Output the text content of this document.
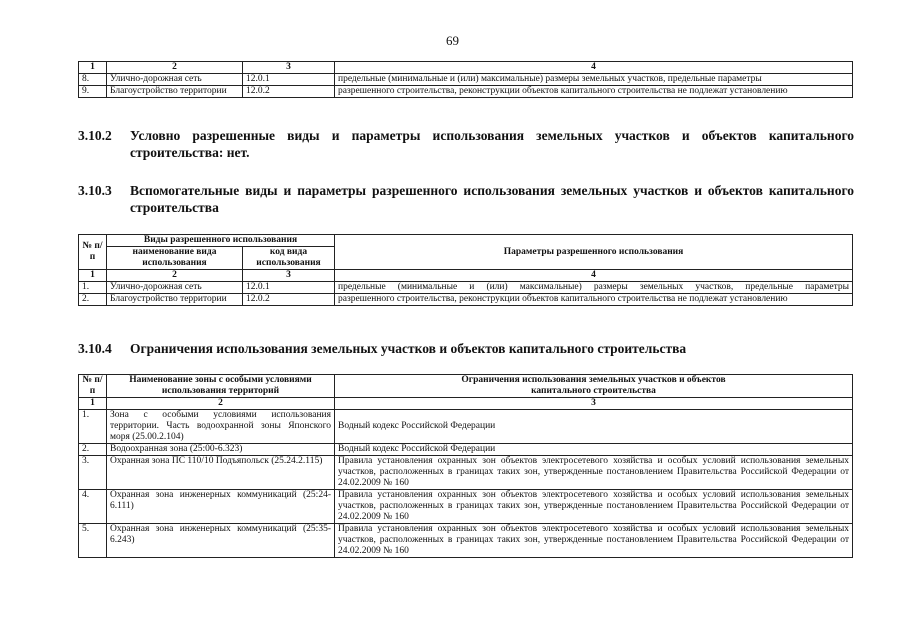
69
1	2	3	4
8.	Улично-дорожная сеть	12.0.1	предельные (минимальные и (или) максимальные) размеры земельных участков, предельные параметры
9.	Благоустройство территории	12.0.2	разрешенного строительства, реконструкции объектов капитального строительства не подлежат установлению
3.10.2 Условно разрешенные виды и параметры использования земельных участков и объектов капитального строительства: нет.
3.10.3 Вспомогательные виды и параметры разрешенного использования земельных участков и объектов капитального строительства
№ п/п	Виды разрешенного использования		Параметры разрешенного использования
	наименование вида использования	код вида использования	
1	2	3	4
1.	Улично-дорожная сеть	12.0.1	предельные (минимальные и (или) максимальные) размеры земельных участков, предельные параметры

2.	Благоустройство территории	12.0.2	разрешенного строительства, реконструкции объектов капитального строительства не подлежат установлению
3.10.4 Ограничения использования земельных участков и объектов капитального строительства
№ п/п	Наименование зоны с особыми условиями использования территорий	Ограничения использования земельных участков и объектов капитального строительства
1	2	3
1.	Зона с особыми условиями использования территории. Часть водоохранной зоны Японского моря (25.00.2.104)	Водный кодекс Российской Федерации
2.	Водоохранная зона (25:00-6.323)	Водный кодекс Российской Федерации
3.	Охранная зона ПС 110/10 Подъяпольск (25.24.2.115)	Правила установления охранных зон объектов электросетевого хозяйства и особых условий использования земельных участков, расположенных в границах таких зон, утвержденные постановлением Правительства Российской Федерации от 24.02.2009 № 160
4.	Охранная зона инженерных коммуникаций (25:24-6.111)	Правила установления охранных зон объектов электросетевого хозяйства и особых условий использования земельных участков, расположенных в границах таких зон, утвержденные постановлением Правительства Российской Федерации от 24.02.2009 № 160
5.	Охранная зона инженерных коммуникаций (25:35-6.243)	Правила установления охранных зон объектов электросетевого хозяйства и особых условий использования земельных участков, расположенных в границах таких зон, утвержденные постановлением Правительства Российской Федерации от 24.02.2009 № 160
